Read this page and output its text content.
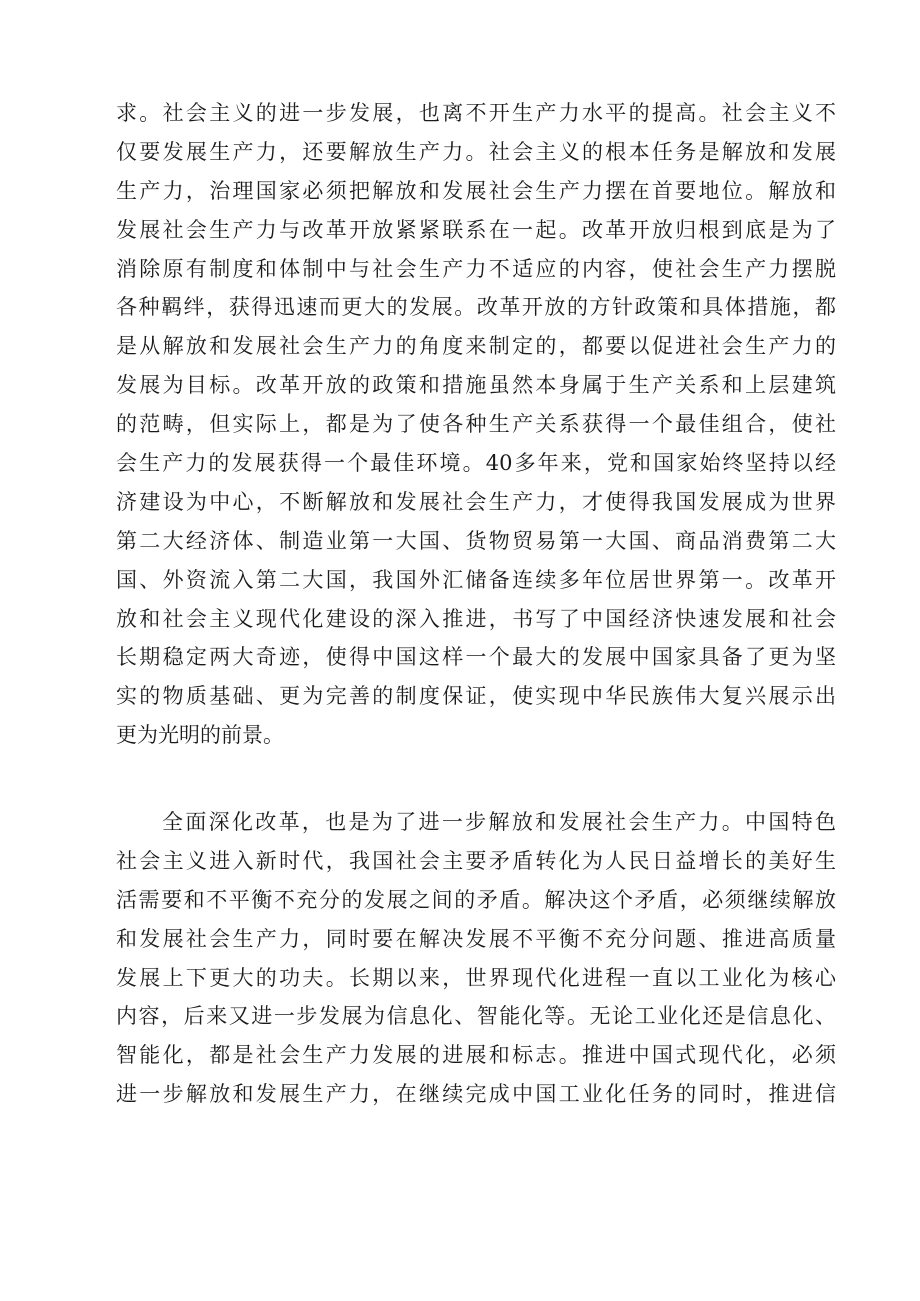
求。社会主义的进一步发展，也离不开生产力水平的提高。社会主义不
仅要发展生产力，还要解放生产力。社会主义的根本任务是解放和发展
生产力，治理国家必须把解放和发展社会生产力摆在首要地位。解放和
发展社会生产力与改革开放紧紧联系在一起。改革开放归根到底是为了
消除原有制度和体制中与社会生产力不适应的内容，使社会生产力摆脱
各种羁绊，获得迅速而更大的发展。改革开放的方针政策和具体措施，都
是从解放和发展社会生产力的角度来制定的，都要以促进社会生产力的
发展为目标。改革开放的政策和措施虽然本身属于生产关系和上层建筑
的范畴，但实际上，都是为了使各种生产关系获得一个最佳组合，使社
会生产力的发展获得一个最佳环境。40多年来，党和国家始终坚持以经
济建设为中心，不断解放和发展社会生产力，才使得我国发展成为世界
第二大经济体、制造业第一大国、货物贸易第一大国、商品消费第二大
国、外资流入第二大国，我国外汇储备连续多年位居世界第一。改革开
放和社会主义现代化建设的深入推进，书写了中国经济快速发展和社会
长期稳定两大奇迹，使得中国这样一个最大的发展中国家具备了更为坚
实的物质基础、更为完善的制度保证，使实现中华民族伟大复兴展示出
更为光明的前景。
全面深化改革，也是为了进一步解放和发展社会生产力。中国特色
社会主义进入新时代，我国社会主要矛盾转化为人民日益增长的美好生
活需要和不平衡不充分的发展之间的矛盾。解决这个矛盾，必须继续解放
和发展社会生产力，同时要在解决发展不平衡不充分问题、推进高质量
发展上下更大的功夫。长期以来，世界现代化进程一直以工业化为核心
内容，后来又进一步发展为信息化、智能化等。无论工业化还是信息化、
智能化，都是社会生产力发展的进展和标志。推进中国式现代化，必须
进一步解放和发展生产力，在继续完成中国工业化任务的同时，推进信
